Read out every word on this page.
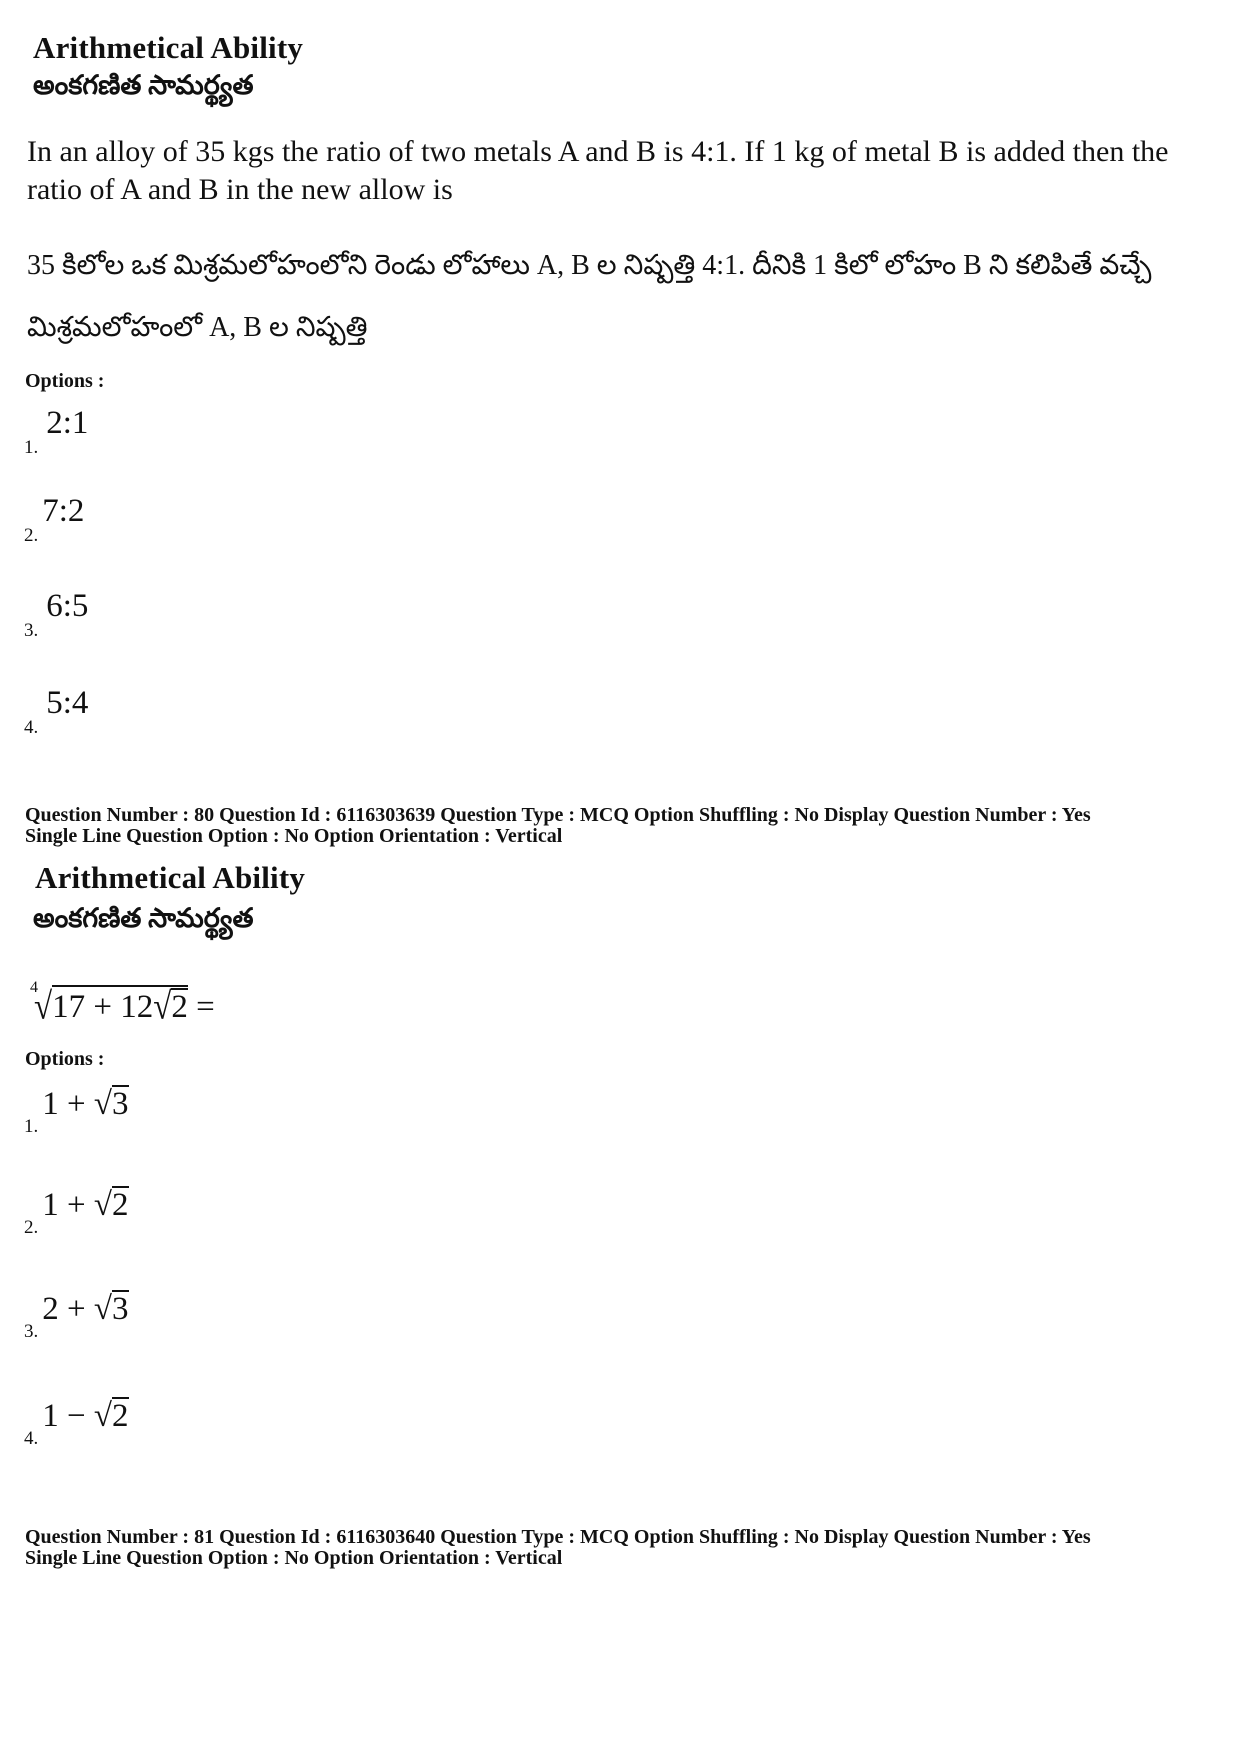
Arithmetical Ability
అంకగణిత సామర్థ్యత
In an alloy of 35 kgs the ratio of two metals A and B is 4:1. If 1 kg of metal B is added then the ratio of A and B in the new allow is
35 కిలోల ఒక మిశ్రమలోహంలోని రెండు లోహాలు A, B ల నిష్పత్తి 4:1. దీనికి 1 కిలో లోహం B ని కలిపితే వచ్చే మిశ్రమలోహంలో A, B ల నిష్పత్తి
Options :
1. 2:1
2. 7:2
3. 6:5
4. 5:4
Question Number : 80 Question Id : 6116303639 Question Type : MCQ Option Shuffling : No Display Question Number : Yes
Single Line Question Option : No Option Orientation : Vertical
Arithmetical Ability
అంకగణిత సామర్థ్యత
4
√17 + 12√2 =
Options :
1. 1 + √3
2. 1 + √2
3. 2 + √3
4. 1 − √2
Question Number : 81 Question Id : 6116303640 Question Type : MCQ Option Shuffling : No Display Question Number : Yes
Single Line Question Option : No Option Orientation : Vertical
